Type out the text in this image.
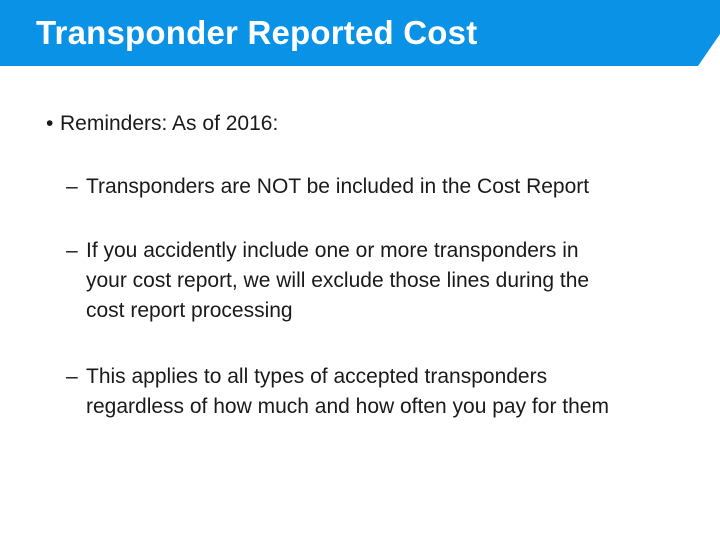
Transponder Reported Cost
• Reminders: As of 2016:
– Transponders are NOT be included in the Cost Report
– If you accidently include one or more transponders in
your cost report, we will exclude those lines during the
cost report processing
– This applies to all types of accepted transponders
regardless of how much and how often you pay for them
